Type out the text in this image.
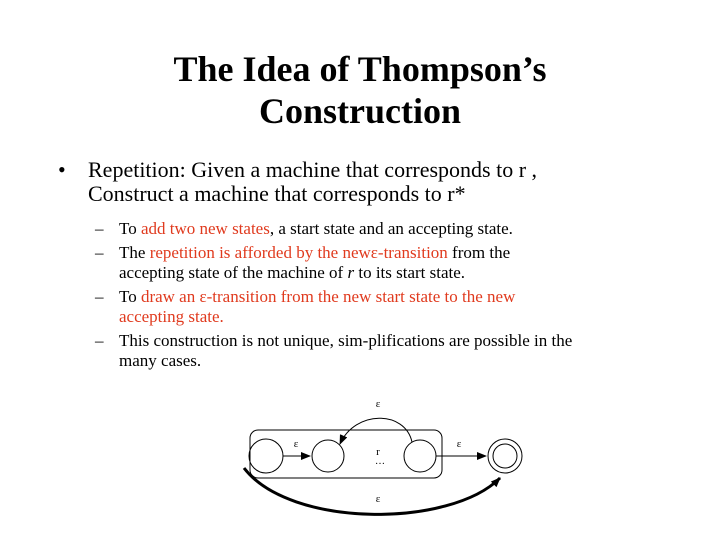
The Idea of Thompson’s
Construction
• Repetition: Given a machine that corresponds to r ,
Construct a machine that corresponds to r*
– To add two new states, a start state and an accepting state.
– The repetition is afforded by the newε-transition from the
accepting state of the machine of r to its start state.
– To draw an ε-transition from the new start state to the new
accepting state.
– This construction is not unique, sim-plifications are possible in the
many cases.
ε
ε	ε
ε
r
…
